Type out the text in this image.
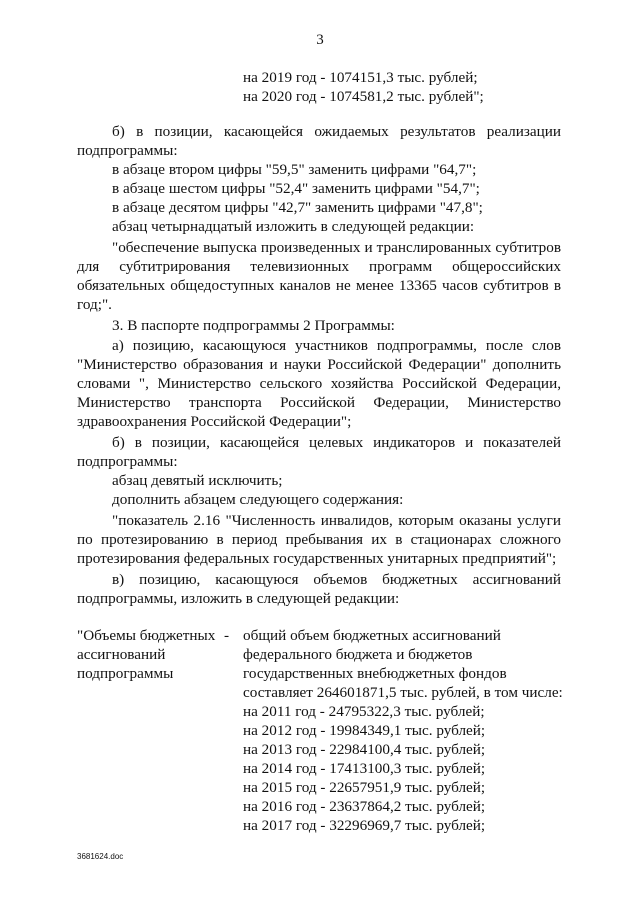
3
на 2019 год - 1074151,3 тыс. рублей;
на 2020 год - 1074581,2 тыс. рублей";
б) в позиции, касающейся ожидаемых результатов реализации
подпрограммы:
в абзаце втором цифры "59,5" заменить цифрами "64,7";
в абзаце шестом цифры "52,4" заменить цифрами "54,7";
в абзаце десятом цифры "42,7" заменить цифрами "47,8";
абзац четырнадцатый изложить в следующей редакции:
"обеспечение выпуска произведенных и транслированных субтитров
для субтитрирования телевизионных программ общероссийских
обязательных общедоступных каналов не менее 13365 часов субтитров в
год;".
3. В паспорте подпрограммы 2 Программы:
а) позицию, касающуюся участников подпрограммы, после слов
"Министерство образования и науки Российской Федерации" дополнить
словами ", Министерство сельского хозяйства Российской Федерации,
Министерство транспорта Российской Федерации, Министерство
здравоохранения Российской Федерации";
б) в позиции, касающейся целевых индикаторов и показателей
подпрограммы:
абзац девятый исключить;
дополнить абзацем следующего содержания:
"показатель 2.16 "Численность инвалидов, которым оказаны услуги
по протезированию в период пребывания их в стационарах сложного
протезирования федеральных государственных унитарных предприятий";
в) позицию, касающуюся объемов бюджетных ассигнований
подпрограммы, изложить в следующей редакции:
"Объемы бюджетных
ассигнований
подпрограммы
- общий объем бюджетных ассигнований
федерального бюджета и бюджетов
государственных внебюджетных фондов
составляет 264601871,5 тыс. рублей, в том числе:
на 2011 год - 24795322,3 тыс. рублей;
на 2012 год - 19984349,1 тыс. рублей;
на 2013 год - 22984100,4 тыс. рублей;
на 2014 год - 17413100,3 тыс. рублей;
на 2015 год - 22657951,9 тыс. рублей;
на 2016 год - 23637864,2 тыс. рублей;
на 2017 год - 32296969,7 тыс. рублей;
3681624.doc
